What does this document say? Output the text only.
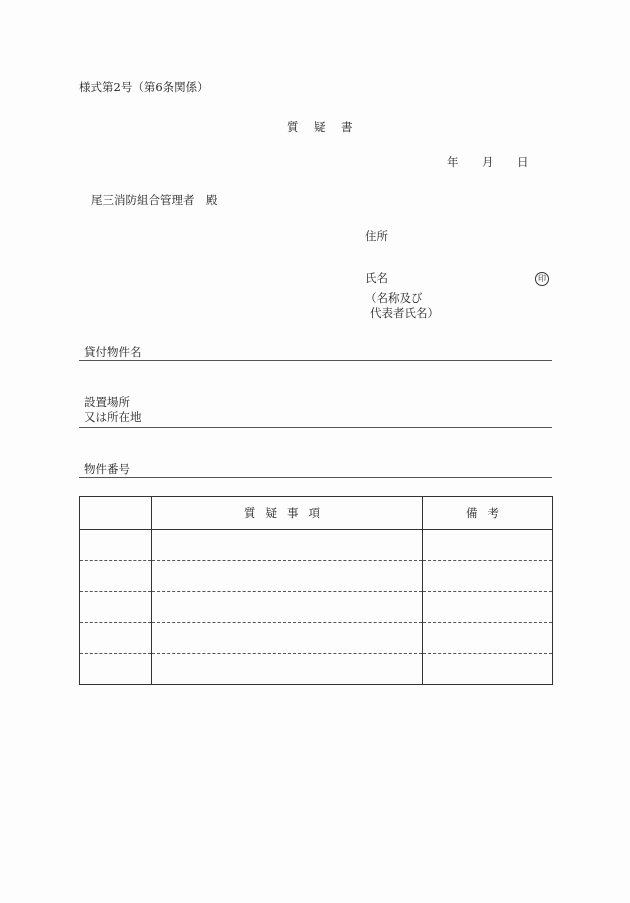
様式第2号（第6条関係）
質　疑　書
年 月 日
尾三消防組合管理者　殿
住所
氏名	印
（名称及び
代表者氏名）
貸付物件名
設置場所
又は所在地
物件番号
	質疑事項	備考
